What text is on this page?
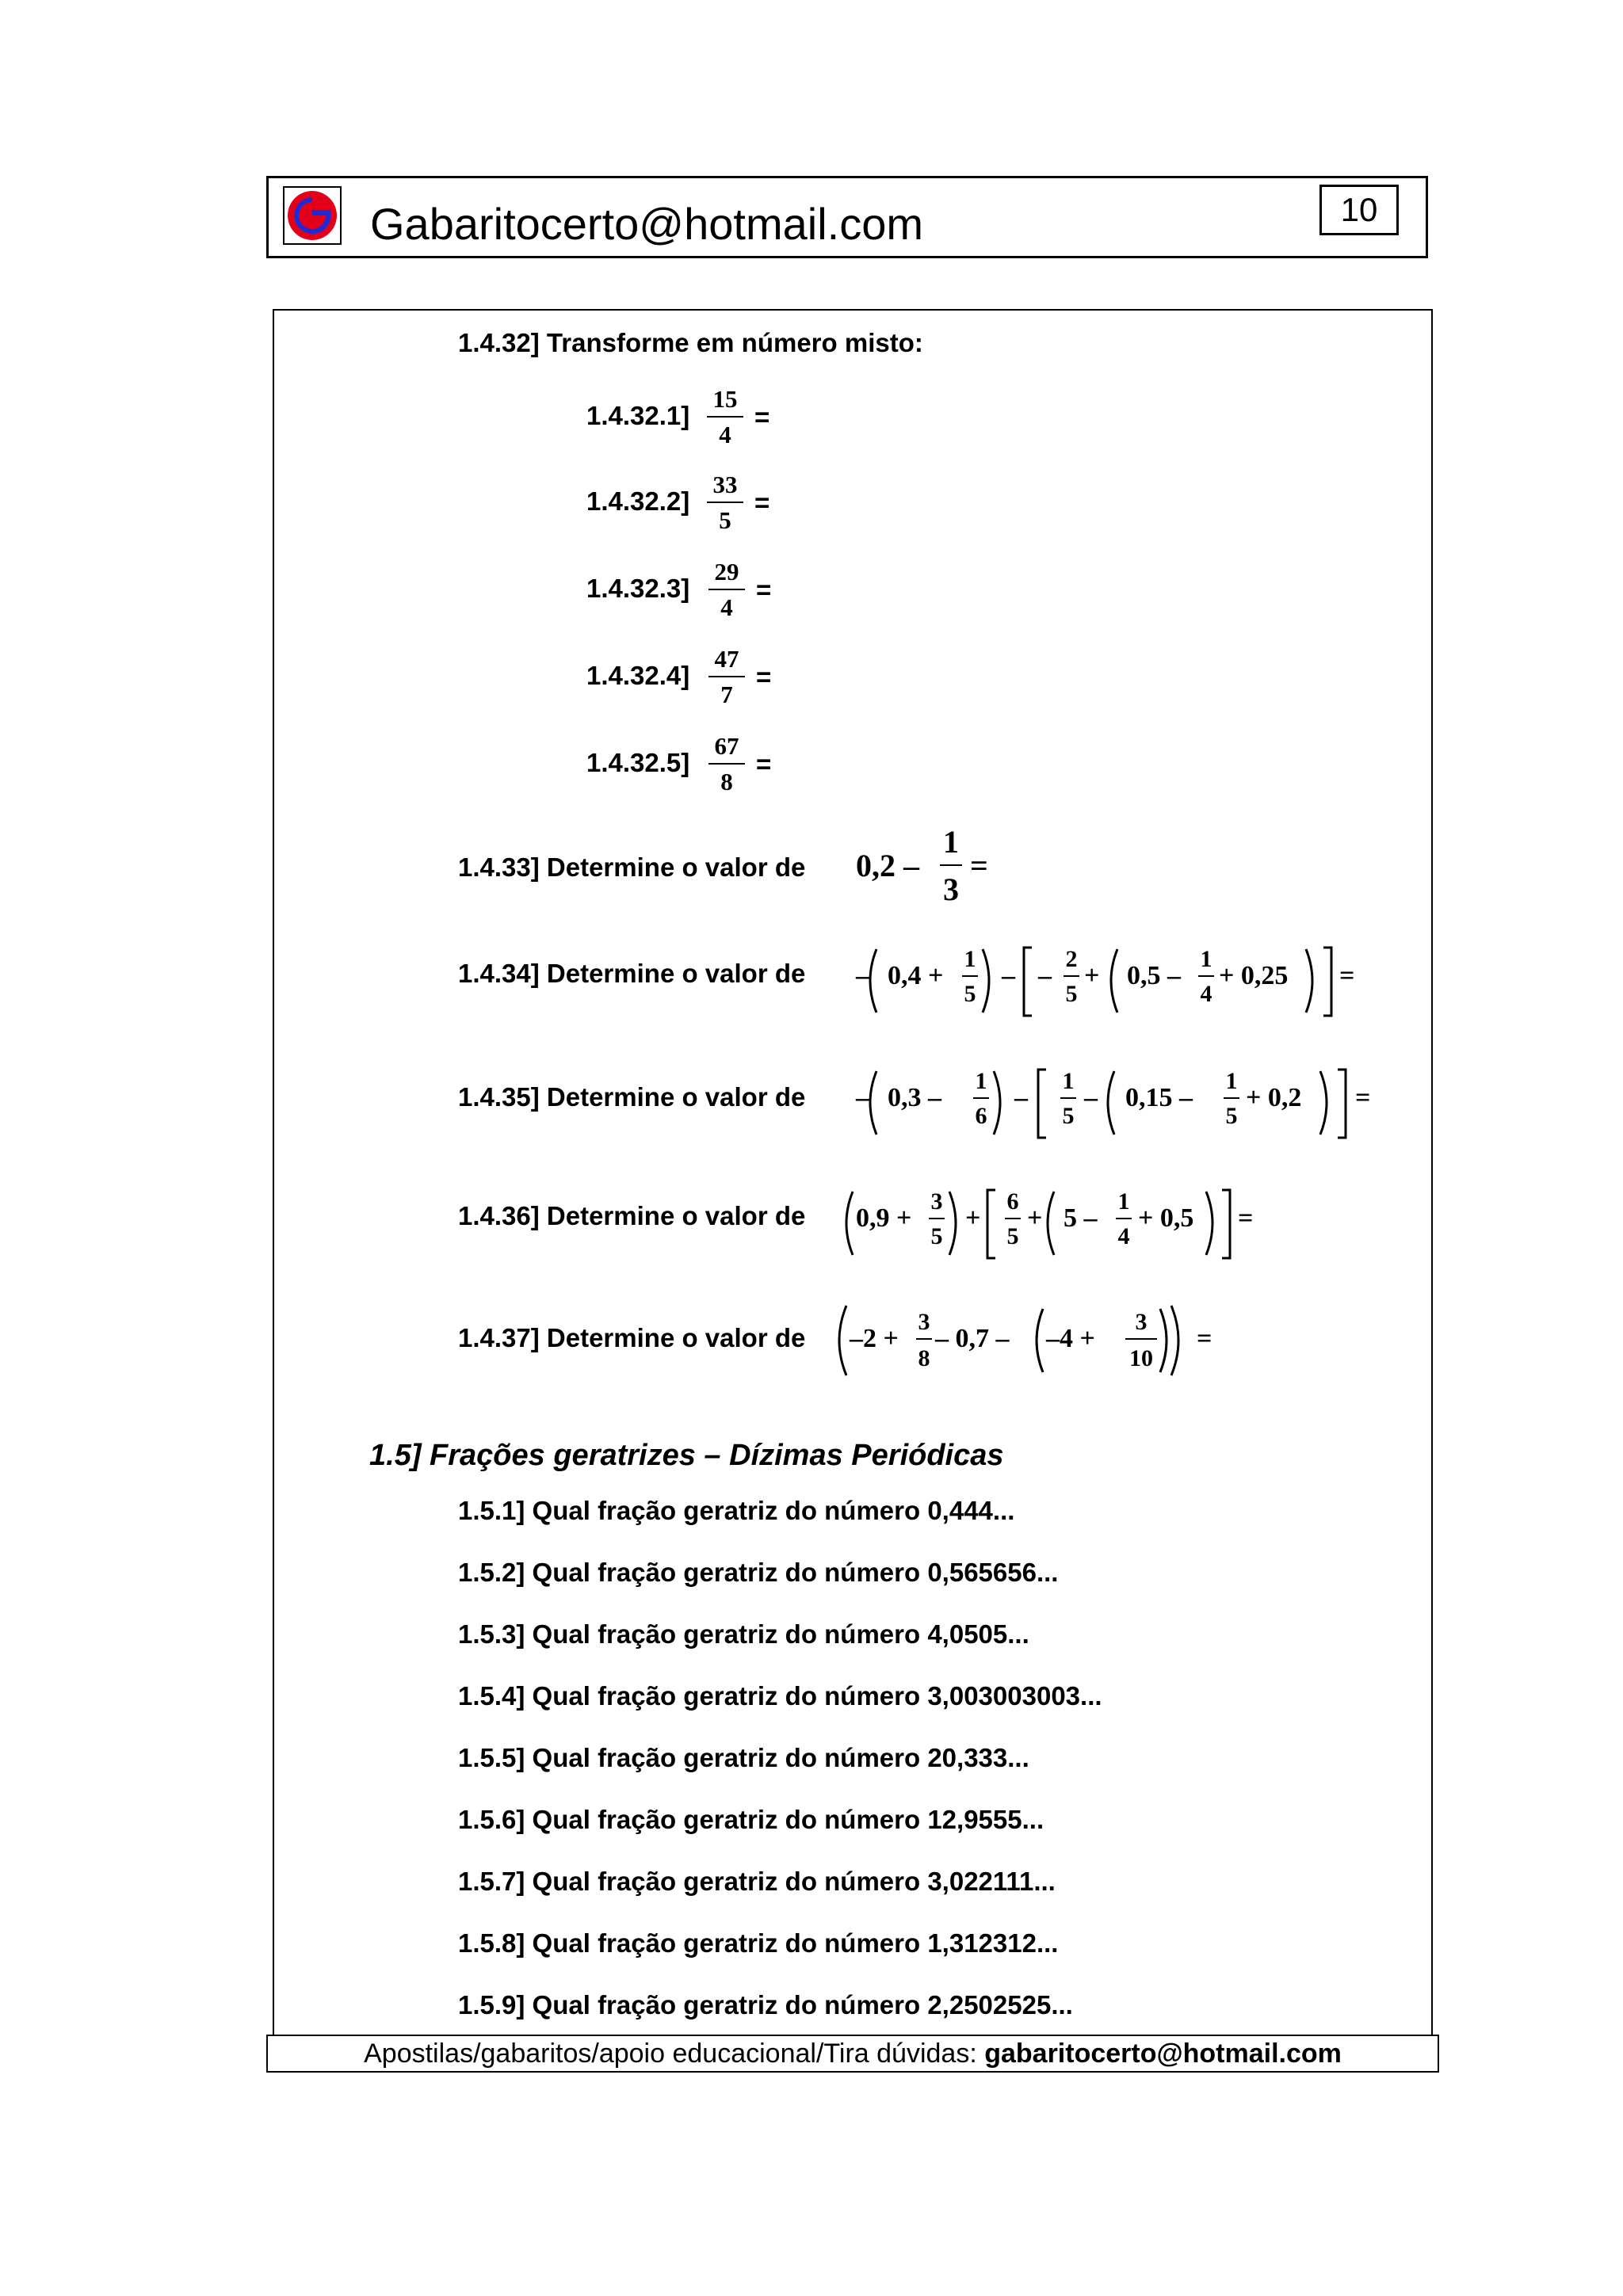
Gabaritocerto@hotmail.com	10
1.4.32] Transforme em número misto:
$1.4.32.1] \frac{15}{4}$ =
$1.4.32.2] \frac{33}{5}$ =
$1.4.32.3] \frac{29}{4}$ =
$1.4.32.4] \frac{47}{7}$ =
$1.4.32.5] \frac{67}{8}$ =
1.4.33] Determine o valor de 0,2 –
1
3
=
1.4.34] Determine o valor de – 0,4 +
1
5
– –
2
5
+ 0,5 –
1
4
+ 0,25 =
1.4.35] Determine o valor de – 0,3 –
1
6
–
1
5
– 0,15 –
1
5
+ 0,2 =
1.4.36] Determine o valor de 0,9 +
3
5
+
6
5
+ 5 –
1
4
+ 0,5 =
1.4.37] Determine o valor de –2 +
3
8
– 0,7 – –4 +
3
10
=
1.5] Frações geratrizes – Dízimas Periódicas
1.5.1] Qual fração geratriz do número 0,444...
1.5.2] Qual fração geratriz do número 0,565656...
1.5.3] Qual fração geratriz do número 4,0505...
1.5.4] Qual fração geratriz do número 3,003003003...
1.5.5] Qual fração geratriz do número 20,333...
1.5.6] Qual fração geratriz do número 12,9555...
1.5.7] Qual fração geratriz do número 3,022111...
1.5.8] Qual fração geratriz do número 1,312312...
1.5.9] Qual fração geratriz do número 2,2502525...
Apostilas/gabaritos/apoio educacional/Tira dúvidas:
gabaritocerto@hotmail.com
